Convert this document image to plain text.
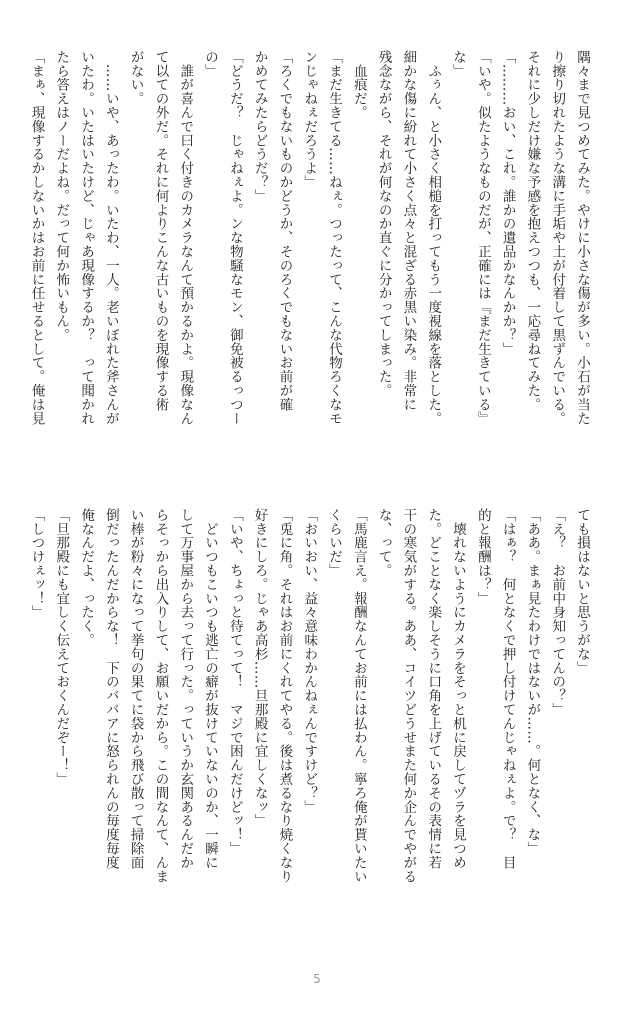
隅々まで見つめてみた。やけに小さな傷が多い。小石が当た
り擦り切れたような溝に手垢や土が付着して黒ずんでいる。
それに少しだけ嫌な予感を抱えつつも、一応尋ねてみた。
「………おい、これ。誰かの遺品かなんかか？」
「いや。似たようなものだが、正確には『まだ生きている』
な」
　ふぅん、と小さく相槌を打ってもう一度視線を落とした。
細かな傷に紛れて小さく点々と混ざる赤黒い染み。非常に
残念ながら、それが何なのか直ぐに分かってしまった。
　血痕だ。
「まだ生きてる……ねぇ。つったって、こんな代物ろくなモ
ンじゃねぇだろうよ」
「ろくでもないものかどうか、そのろくでもないお前が確
かめてみたらどうだ？」
「どうだ？　じゃねぇよ。ンな物騒なモン、御免被るっつー
の」
　誰が喜んで曰く付きのカメラなんて預かるかよ。現像なん
て以ての外だ。それに何よりこんな古いものを現像する術
がない。
　……いや、あったわ。いたわ、一人。老いぼれた斧さんが
いたわ。いたはいたけど、じゃあ現像するか？　って聞かれ
たら答えはノーだよね。だって何か怖いもん。
「まぁ、現像するかしないかはお前に任せるとして。俺は見
ても損はないと思うがな」
「え？　お前中身知ってんの？」
「ああ。まぁ見たわけではないが……。何となく、な」
「はぁ？　何となくで押し付けてんじゃねぇよ。で？　目
的と報酬は？」
　壊れないようにカメラをそっと机に戻してヅラを見つめ
た。どことなく楽しそうに口角を上げているその表情に若
干の寒気がする。ああ、コイツどうせまた何か企んでやがる
な、って。
「馬鹿言え。報酬なんてお前には払わん。寧ろ俺が貰いたい
くらいだ」
「おいおい、益々意味わかんねぇんですけど？」
「兎に角。それはお前にくれてやる。後は煮るなり焼くなり
好きにしろ。じゃあ高杉……旦那殿に宜しくなッ」
「いや、ちょっと待てって！　マジで困んだけどッ！」
　どいつもこいつも逃亡の癖が抜けていないのか、一瞬に
して万事屋から去って行った。っていうか玄関あるんだか
らそっから出入りして、お願いだから。この間なんて、んま
い棒が粉々になって挙句の果てに袋から飛び散って掃除面
倒だったんだからな！　下のババアに怒られんの毎度毎度
俺なんだよ、ったく。
「旦那殿にも宜しく伝えておくんだぞー！」
「しつけぇッ！」
5
